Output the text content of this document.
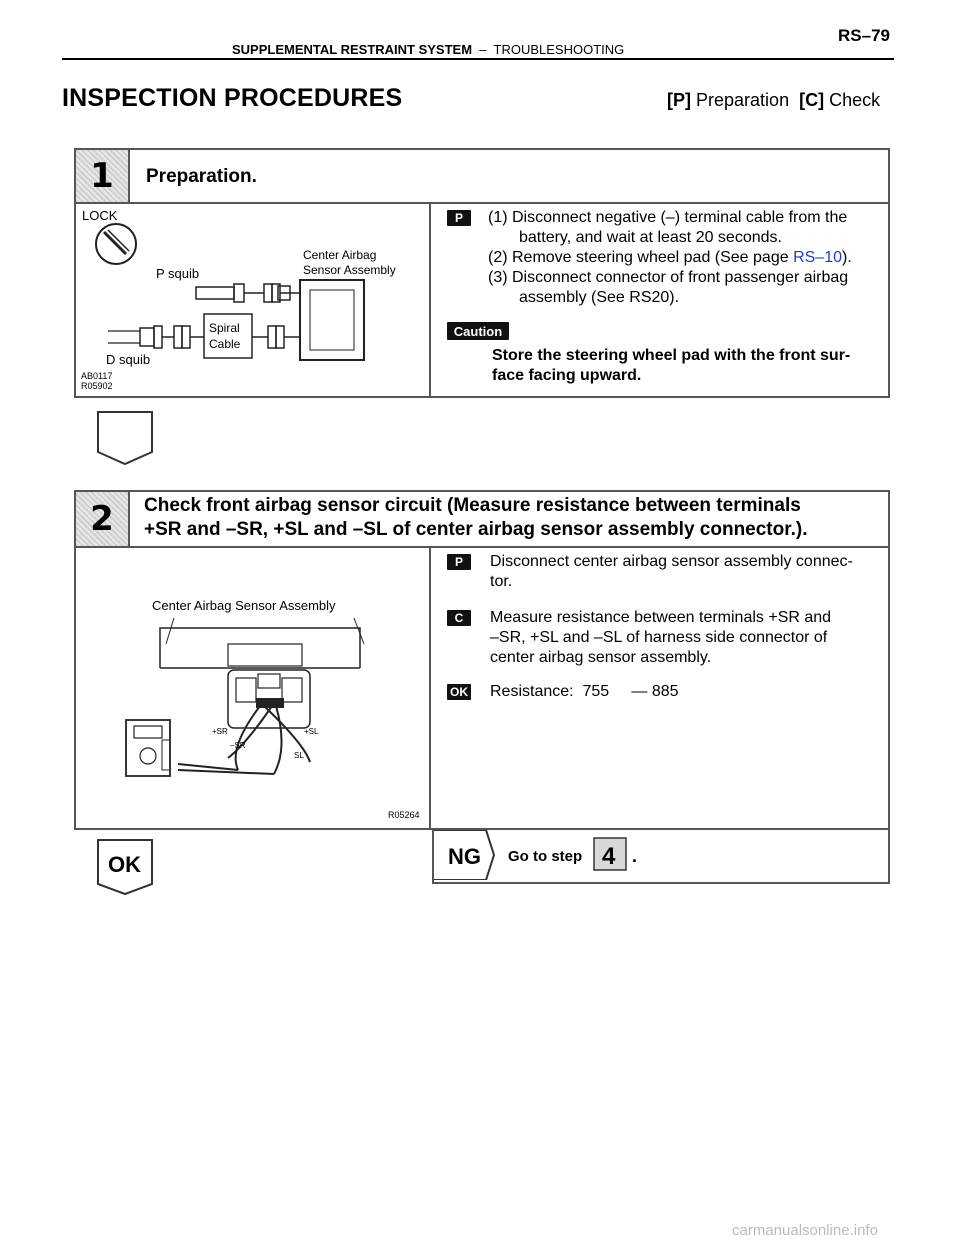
SUPPLEMENTAL RESTRAINT SYSTEM – TROUBLESHOOTING
RS–79
INSPECTION PROCEDURES	[P] Preparation [C] Check
1	Preparation.
LOCK
Center Airbag
Sensor Assembly
P squib
Spiral
Cable
D squib
AB0117
R05902
P	(1) Disconnect negative (–) terminal cable from the
battery, and wait at least 20 seconds.
(2) Remove steering wheel pad (See page RS–10).
(3) Disconnect connector of front passenger airbag
assembly (See RS20).
Caution
Store the steering wheel pad with the front sur-
face facing upward.
2	Check front airbag sensor circuit (Measure resistance between terminals
+SR and –SR, +SL and –SL of center airbag sensor assembly connector.).
Center Airbag Sensor Assembly
+SR
–SR
+SL
SL
R05264
P	Disconnect center airbag sensor assembly connec-
tor.
C	Measure resistance between terminals +SR and
–SR, +SL and –SL of harness side connector of
center airbag sensor assembly.
OK Resistance: 755 — 885
OK	NG Go to step 4 .
carmanualsonline.info
